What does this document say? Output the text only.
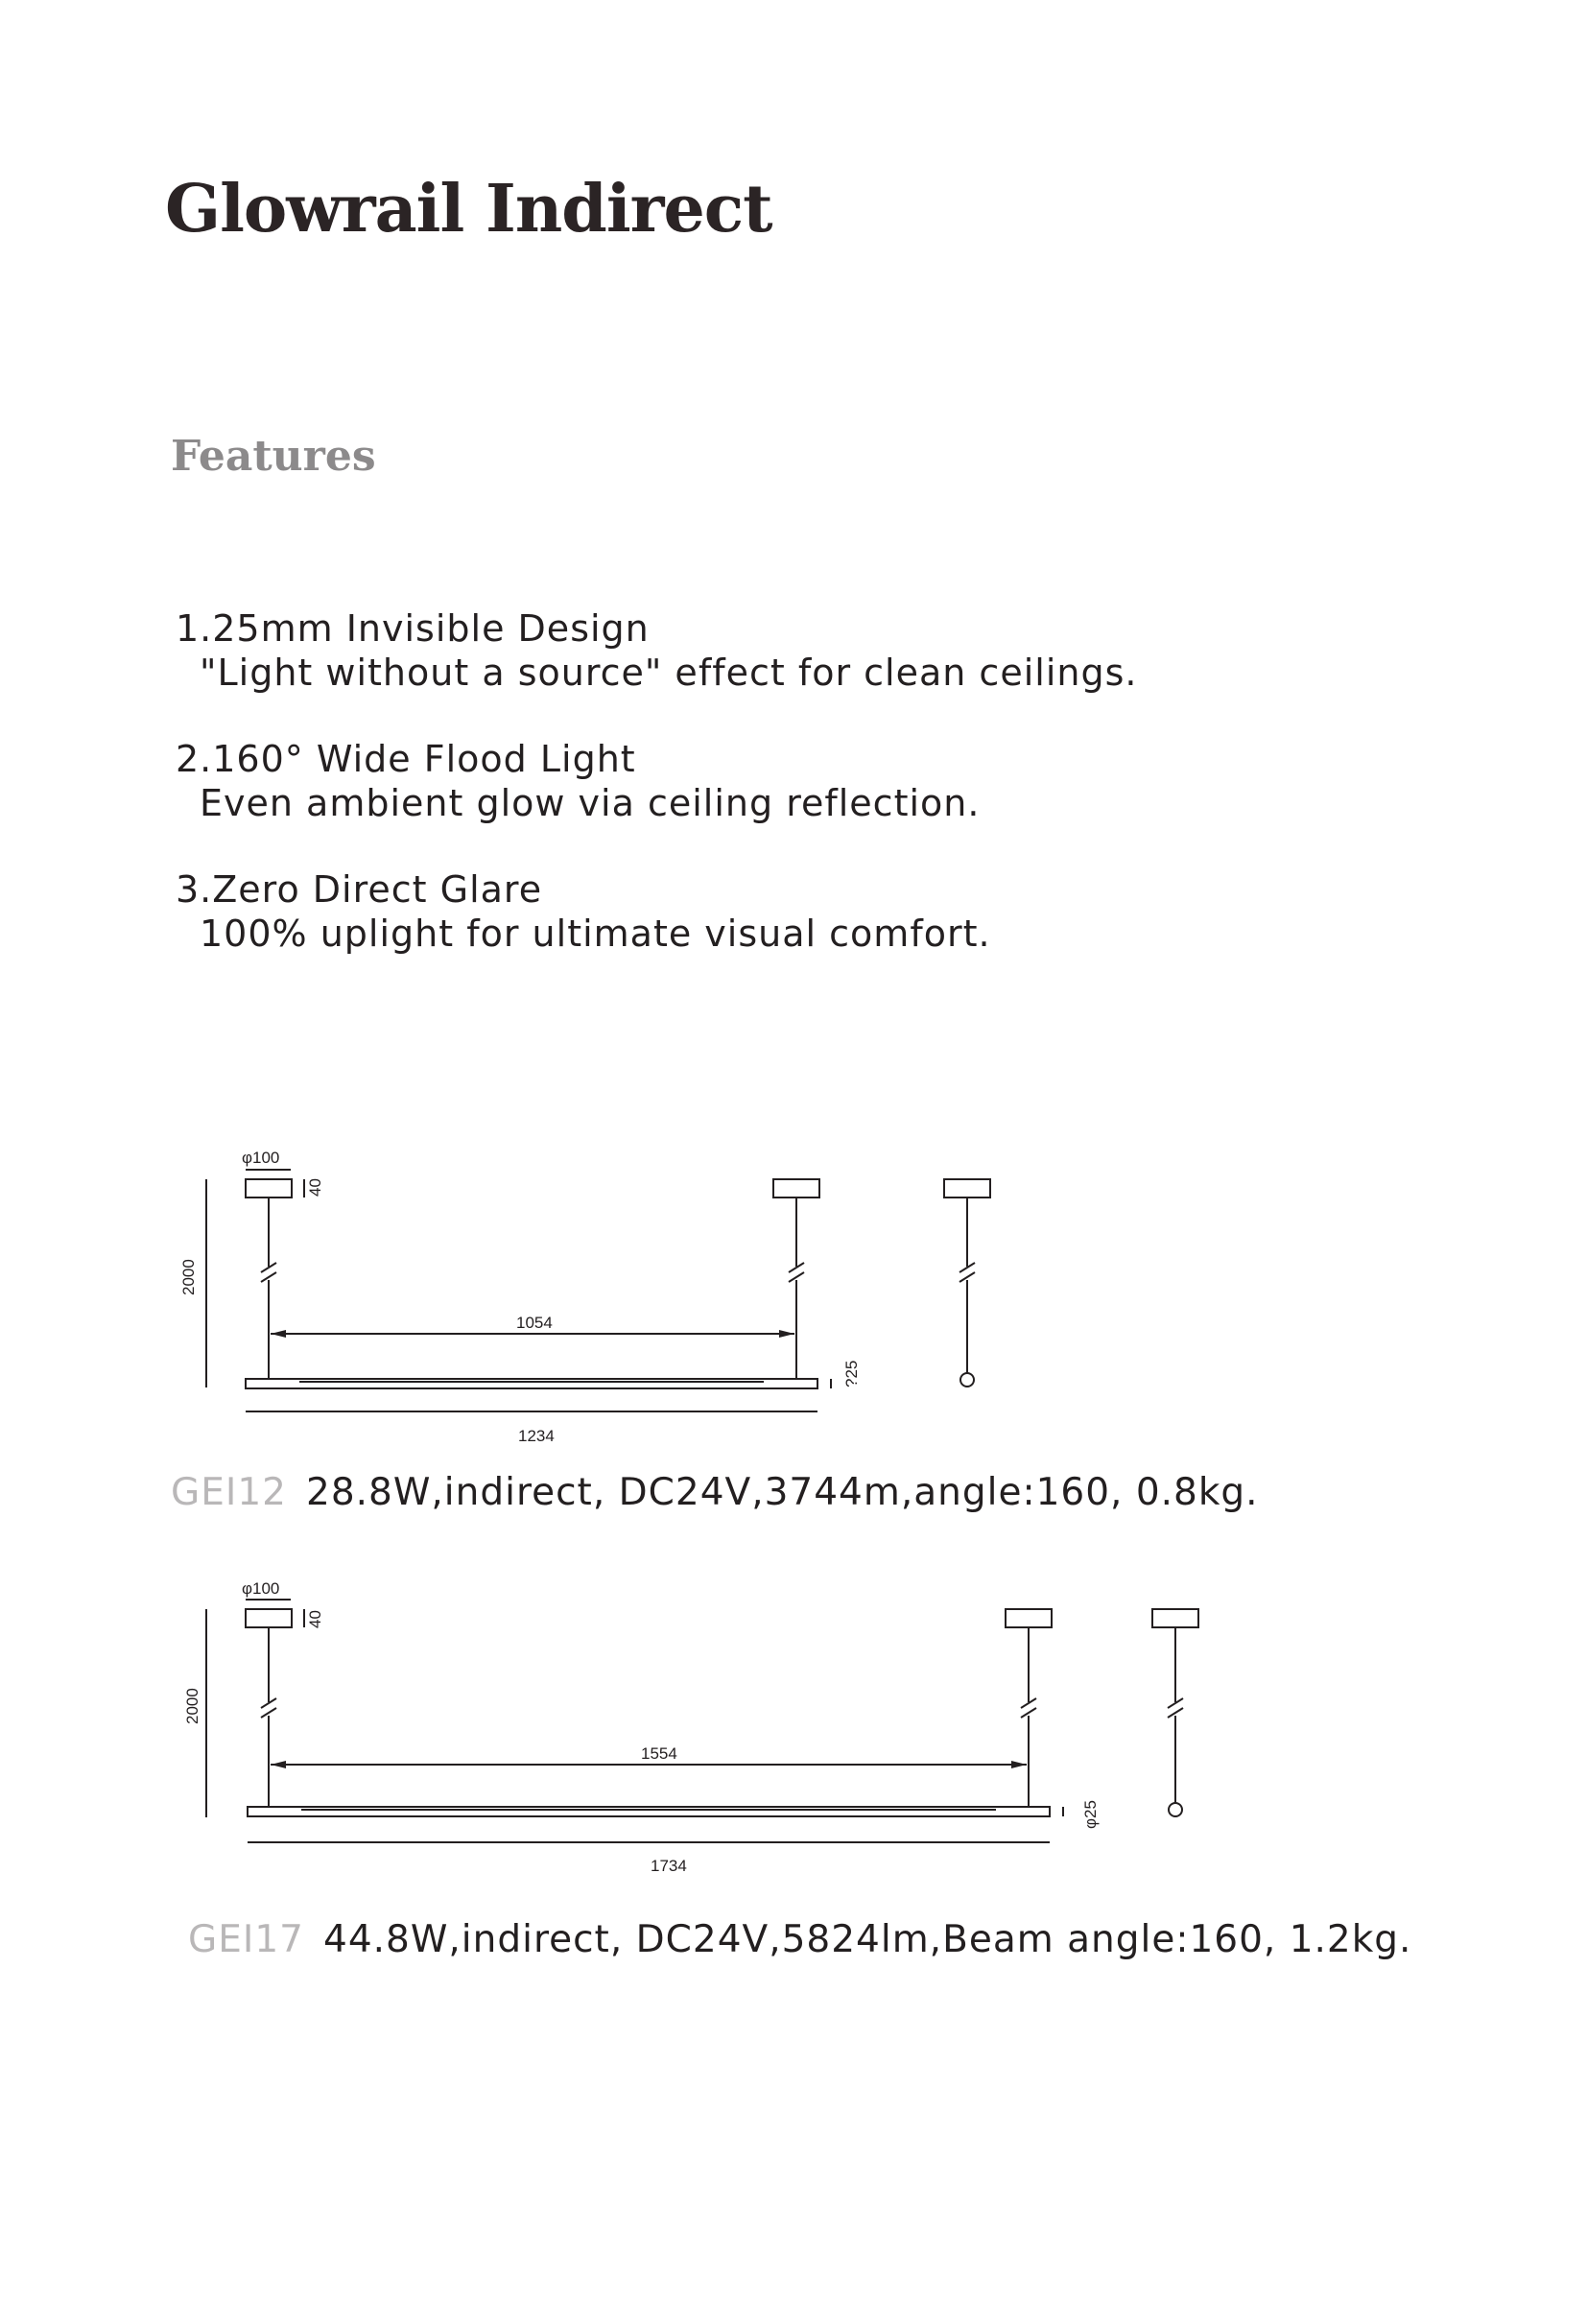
Glowrail Indirect
Features
1.25mm Invisible Design
"Light without a source" effect for clean ceilings.
2.160° Wide Flood Light
Even ambient glow via ceiling reflection.
3.Zero Direct Glare
100% uplight for ultimate visual comfort.
φ100
40
2000
1054
?25
1234
GEI12 28.8W,indirect, DC24V,3744m,angle:160, 0.8kg.
φ100
40
2000
1554
φ25
1734
GEI17 44.8W,indirect, DC24V,5824lm,Beam angle:160, 1.2kg.
